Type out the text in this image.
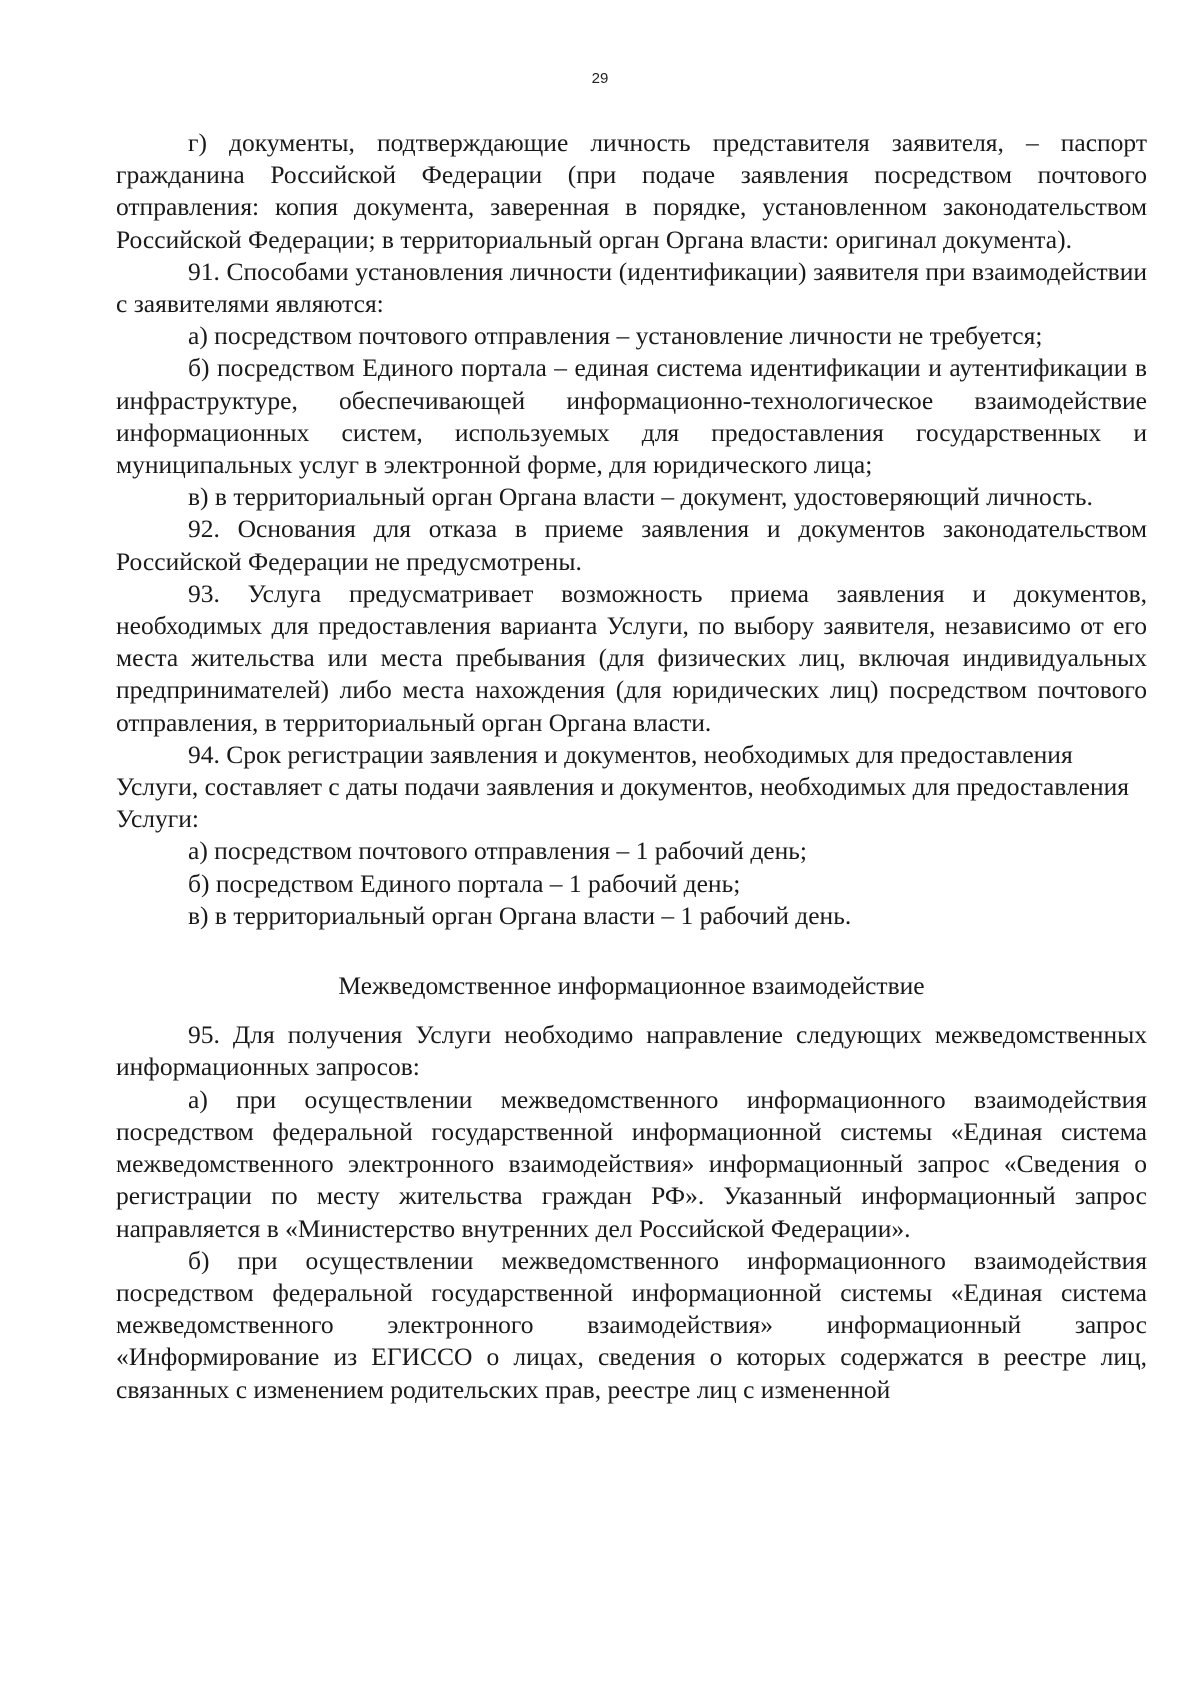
29

г) документы, подтверждающие личность представителя заявителя, – паспорт гражданина Российской Федерации (при подаче заявления посредством почтового отправления: копия документа, заверенная в порядке, установленном законодательством Российской Федерации; в территориальный орган Органа власти: оригинал документа).

91. Способами установления личности (идентификации) заявителя при взаимодействии с заявителями являются:

а) посредством почтового отправления – установление личности не требуется;

б) посредством Единого портала – единая система идентификации и аутентификации в инфраструктуре, обеспечивающей информационно-технологическое взаимодействие информационных систем, используемых для предоставления государственных и муниципальных услуг в электронной форме, для юридического лица;

в) в территориальный орган Органа власти – документ, удостоверяющий личность.

92. Основания для отказа в приеме заявления и документов законодательством Российской Федерации не предусмотрены.

93. Услуга предусматривает возможность приема заявления и документов, необходимых для предоставления варианта Услуги, по выбору заявителя, независимо от его места жительства или места пребывания (для физических лиц, включая индивидуальных предпринимателей) либо места нахождения (для юридических лиц) посредством почтового отправления, в территориальный орган Органа власти.

94. Срок регистрации заявления и документов, необходимых для предоставления Услуги, составляет с даты подачи заявления и документов, необходимых для предоставления Услуги:

а) посредством почтового отправления – 1 рабочий день;

б) посредством Единого портала – 1 рабочий день;

в) в территориальный орган Органа власти – 1 рабочий день.

Межведомственное информационное взаимодействие

95. Для получения Услуги необходимо направление следующих межведомственных информационных запросов:

а) при осуществлении межведомственного информационного взаимодействия посредством федеральной государственной информационной системы «Единая система межведомственного электронного взаимодействия» информационный запрос «Сведения о регистрации по месту жительства граждан РФ». Указанный информационный запрос направляется в «Министерство внутренних дел Российской Федерации».

б) при осуществлении межведомственного информационного взаимодействия посредством федеральной государственной информационной системы «Единая система межведомственного электронного взаимодействия» информационный запрос «Информирование из ЕГИССО о лицах, сведения о которых содержатся в реестре лиц, связанных с изменением родительских прав, реестре лиц с измененной
